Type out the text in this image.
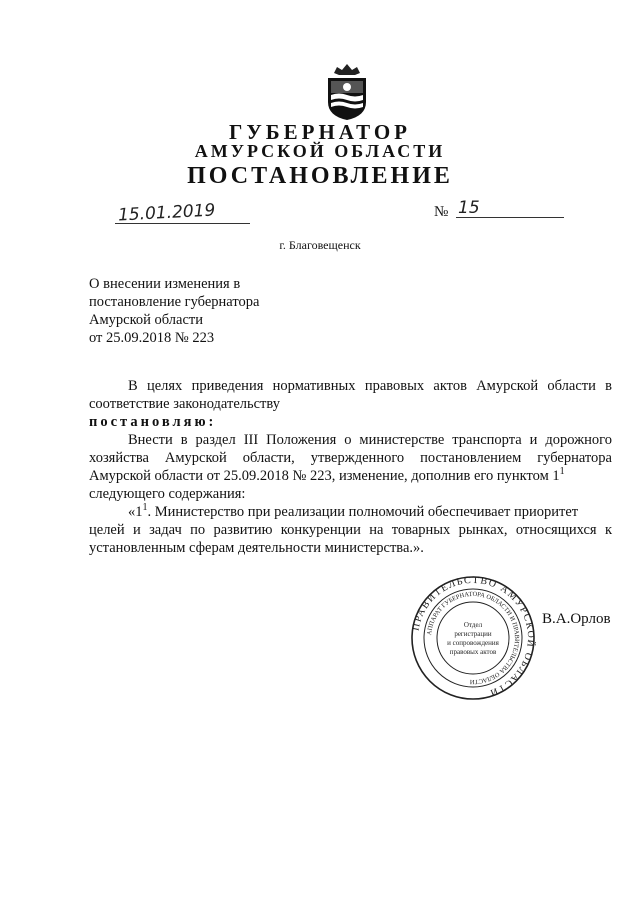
ГУБЕРНАТОР
АМУРСКОЙ ОБЛАСТИ
ПОСТАНОВЛЕНИЕ
15.01.2019	№ 15
г. Благовещенск
О внесении изменения в
постановление губернатора
Амурской области
от 25.09.2018 № 223
В целях приведения нормативных правовых актов Амурской области в
соответствие законодательству
постановляю:
Внести в раздел III Положения о министерстве транспорта и дорожного
хозяйства Амурской области, утвержденного постановлением губернатора
Амурской области от 25.09.2018 № 223, изменение, дополнив его пунктом $1^1$
следующего содержания:
«$1^1$. Министерство при реализации полномочий обеспечивает приоритет
целей и задач по развитию конкуренции на товарных рынках, относящихся к
установленным сферам деятельности министерства.».
ПРАВИТЕЛЬСТВО АМУРСКОЙ ОБЛАСТИ
АППАРАТ ГУБЕРНАТОРА ОБЛАСТИ И ПРАВИТЕЛЬСТВА ОБЛАСТИ
Отдел
регистрации
и сопровождения
правовых актов
В.А.Орлов
